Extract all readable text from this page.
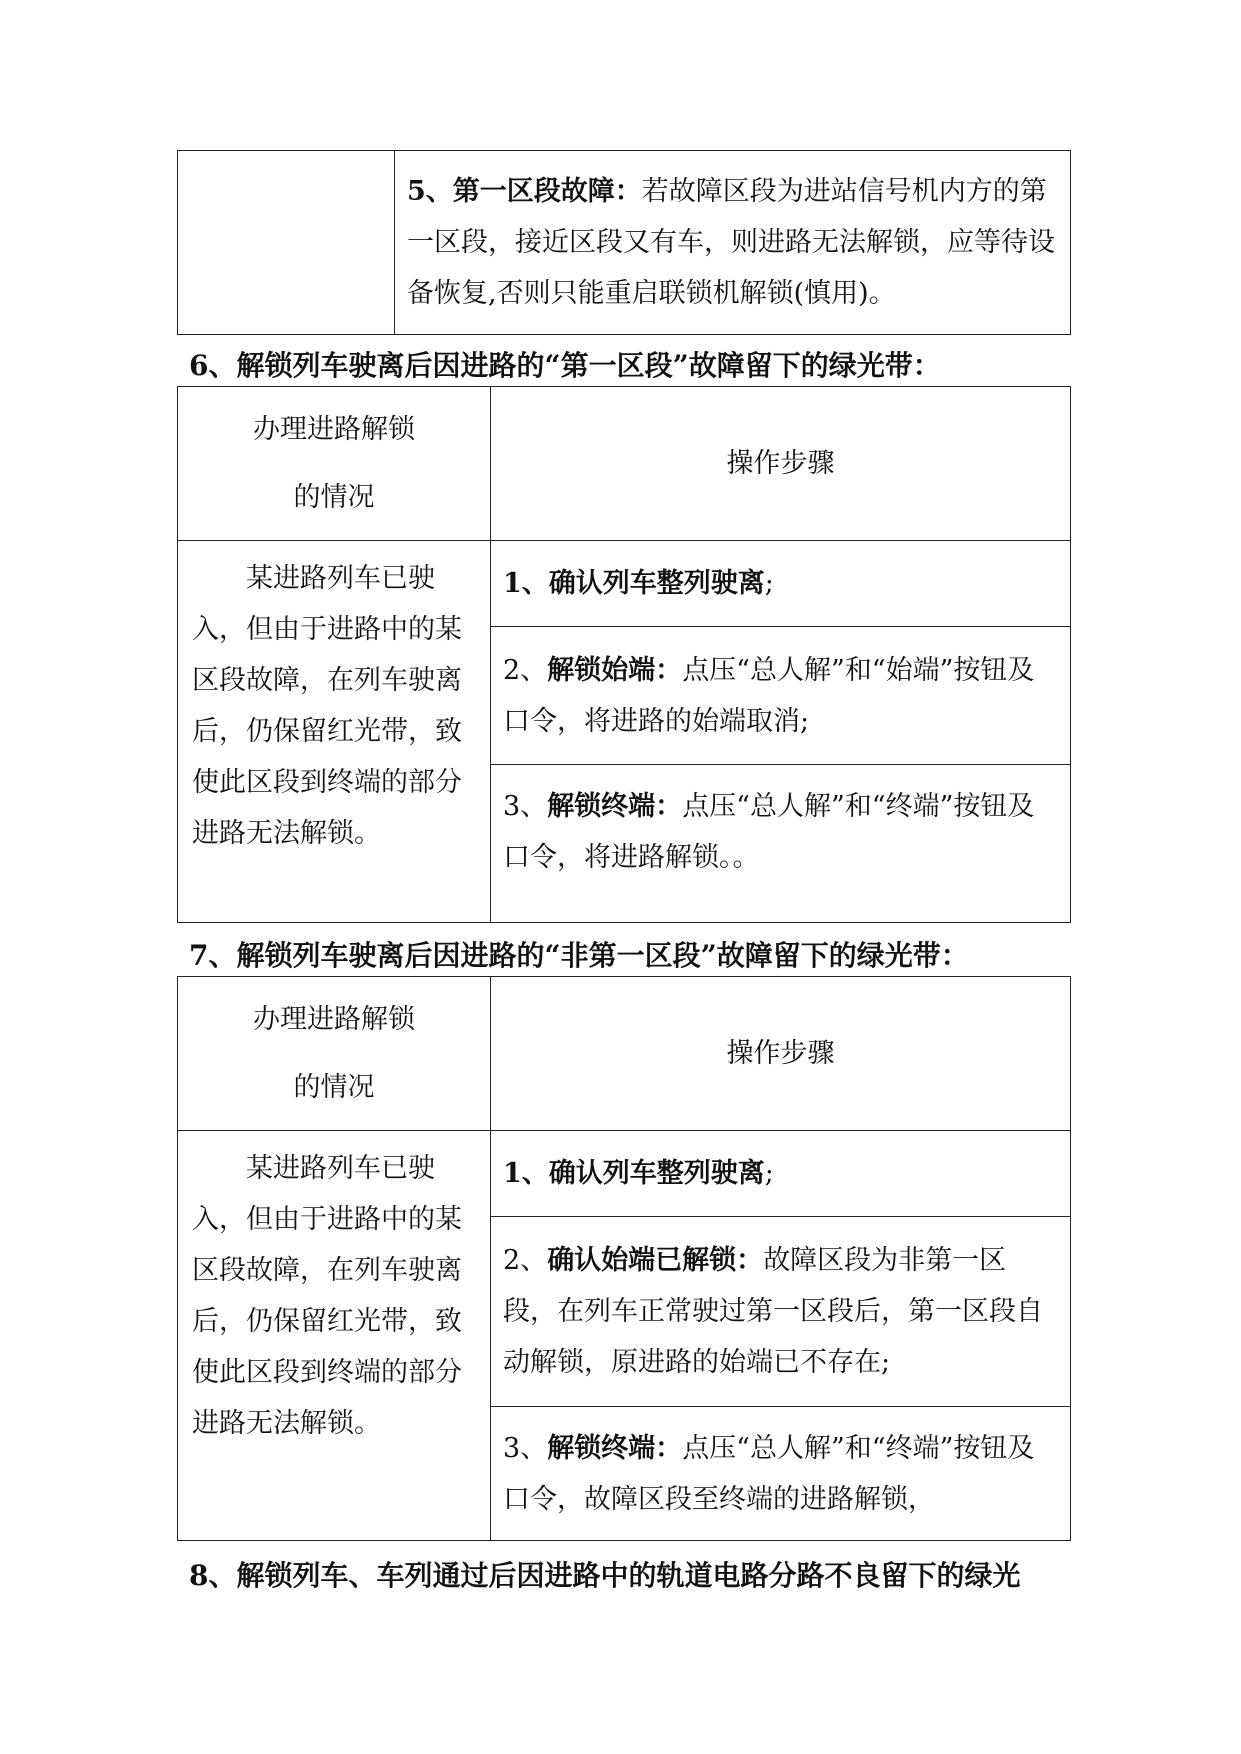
	5、第一区段故障：若故障区段为进站信号机内方的第一区段，接近区段又有车，则进路无法解锁，应等待设备恢复,否则只能重启联锁机解锁(慎用)。
6、解锁列车驶离后因进路的“第一区段”故障留下的绿光带：
办理进路解锁
的情况	操作步骤
某进路列车已驶入，但由于进路中的某区段故障，在列车驶离后，仍保留红光带，致使此区段到终端的部分进路无法解锁。	1、确认列车整列驶离;
	2、解锁始端：点压“总人解”和“始端”按钮及口令，将进路的始端取消;
	3、解锁终端：点压“总人解”和“终端”按钮及口令，将进路解锁。。
7、解锁列车驶离后因进路的“非第一区段”故障留下的绿光带：
办理进路解锁
的情况	操作步骤
某进路列车已驶入，但由于进路中的某区段故障，在列车驶离后，仍保留红光带，致使此区段到终端的部分进路无法解锁。	1、确认列车整列驶离;
	2、确认始端已解锁：故障区段为非第一区段，在列车正常驶过第一区段后，第一区段自动解锁，原进路的始端已不存在;
	3、解锁终端：点压“总人解”和“终端”按钮及口令，故障区段至终端的进路解锁，
8、解锁列车、车列通过后因进路中的轨道电路分路不良留下的绿光
